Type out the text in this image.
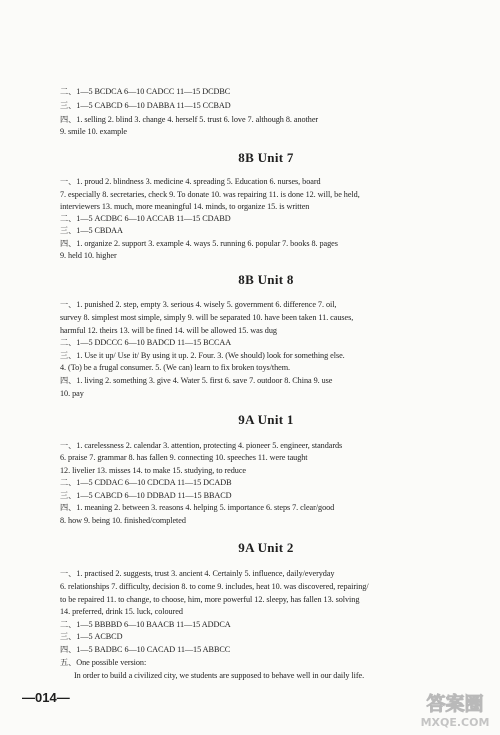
二、1—5 BCDCA 6—10 CADCC 11—15 DCDBC
三、1—5 CABCD 6—10 DABBA 11—15 CCBAD
四、1. selling 2. blind 3. change 4. herself 5. trust 6. love 7. although 8. another
9. smile 10. example
8B Unit 7
一、1. proud 2. blindness 3. medicine 4. spreading 5. Education 6. nurses, board
7. especially 8. secretaries, check 9. To donate 10. was repairing 11. is done 12. will, be held,
interviewers 13. much, more meaningful 14. minds, to organize 15. is written
二、1—5 ACDBC 6—10 ACCAB 11—15 CDABD
三、1—5 CBDAA
四、1. organize 2. support 3. example 4. ways 5. running 6. popular 7. books 8. pages
9. held 10. higher
8B Unit 8
一、1. punished 2. step, empty 3. serious 4. wisely 5. government 6. difference 7. oil,
survey 8. simplest most simple, simply 9. will be separated 10. have been taken 11. causes,
harmful 12. theirs 13. will be fined 14. will be allowed 15. was dug
二、1—5 DDCCC 6—10 BADCD 11—15 BCCAA
三、1. Use it up/ Use it/ By using it up. 2. Four. 3. (We should) look for something else.
4. (To) be a frugal consumer. 5. (We can) learn to fix broken toys/them.
四、1. living 2. something 3. give 4. Water 5. first 6. save 7. outdoor 8. China 9. use
10. pay
9A Unit 1
一、1. carelessness 2. calendar 3. attention, protecting 4. pioneer 5. engineer, standards
6. praise 7. grammar 8. has fallen 9. connecting 10. speeches 11. were taught
12. livelier 13. misses 14. to make 15. studying, to reduce
二、1—5 CDDAC 6—10 CDCDA 11—15 DCADB
三、1—5 CABCD 6—10 DDBAD 11—15 BBACD
四、1. meaning 2. between 3. reasons 4. helping 5. importance 6. steps 7. clear/good
8. how 9. being 10. finished/completed
9A Unit 2
一、1. practised 2. suggests, trust 3. ancient 4. Certainly 5. influence, daily/everyday
6. relationships 7. difficulty, decision 8. to come 9. includes, heat 10. was discovered, repairing/
to be repaired 11. to change, to choose, him, more powerful 12. sleepy, has fallen 13. solving
14. preferred, drink 15. luck, coloured
二、1—5 BBBBD 6—10 BAACB 11—15 ADDCA
三、1—5 ACBCD
四、1—5 BADBC 6—10 CACAD 11—15 ABBCC
五、One possible version:
In order to build a civilized city, we students are supposed to behave well in our daily life.
—014—	答案圈
MXQE.COM
